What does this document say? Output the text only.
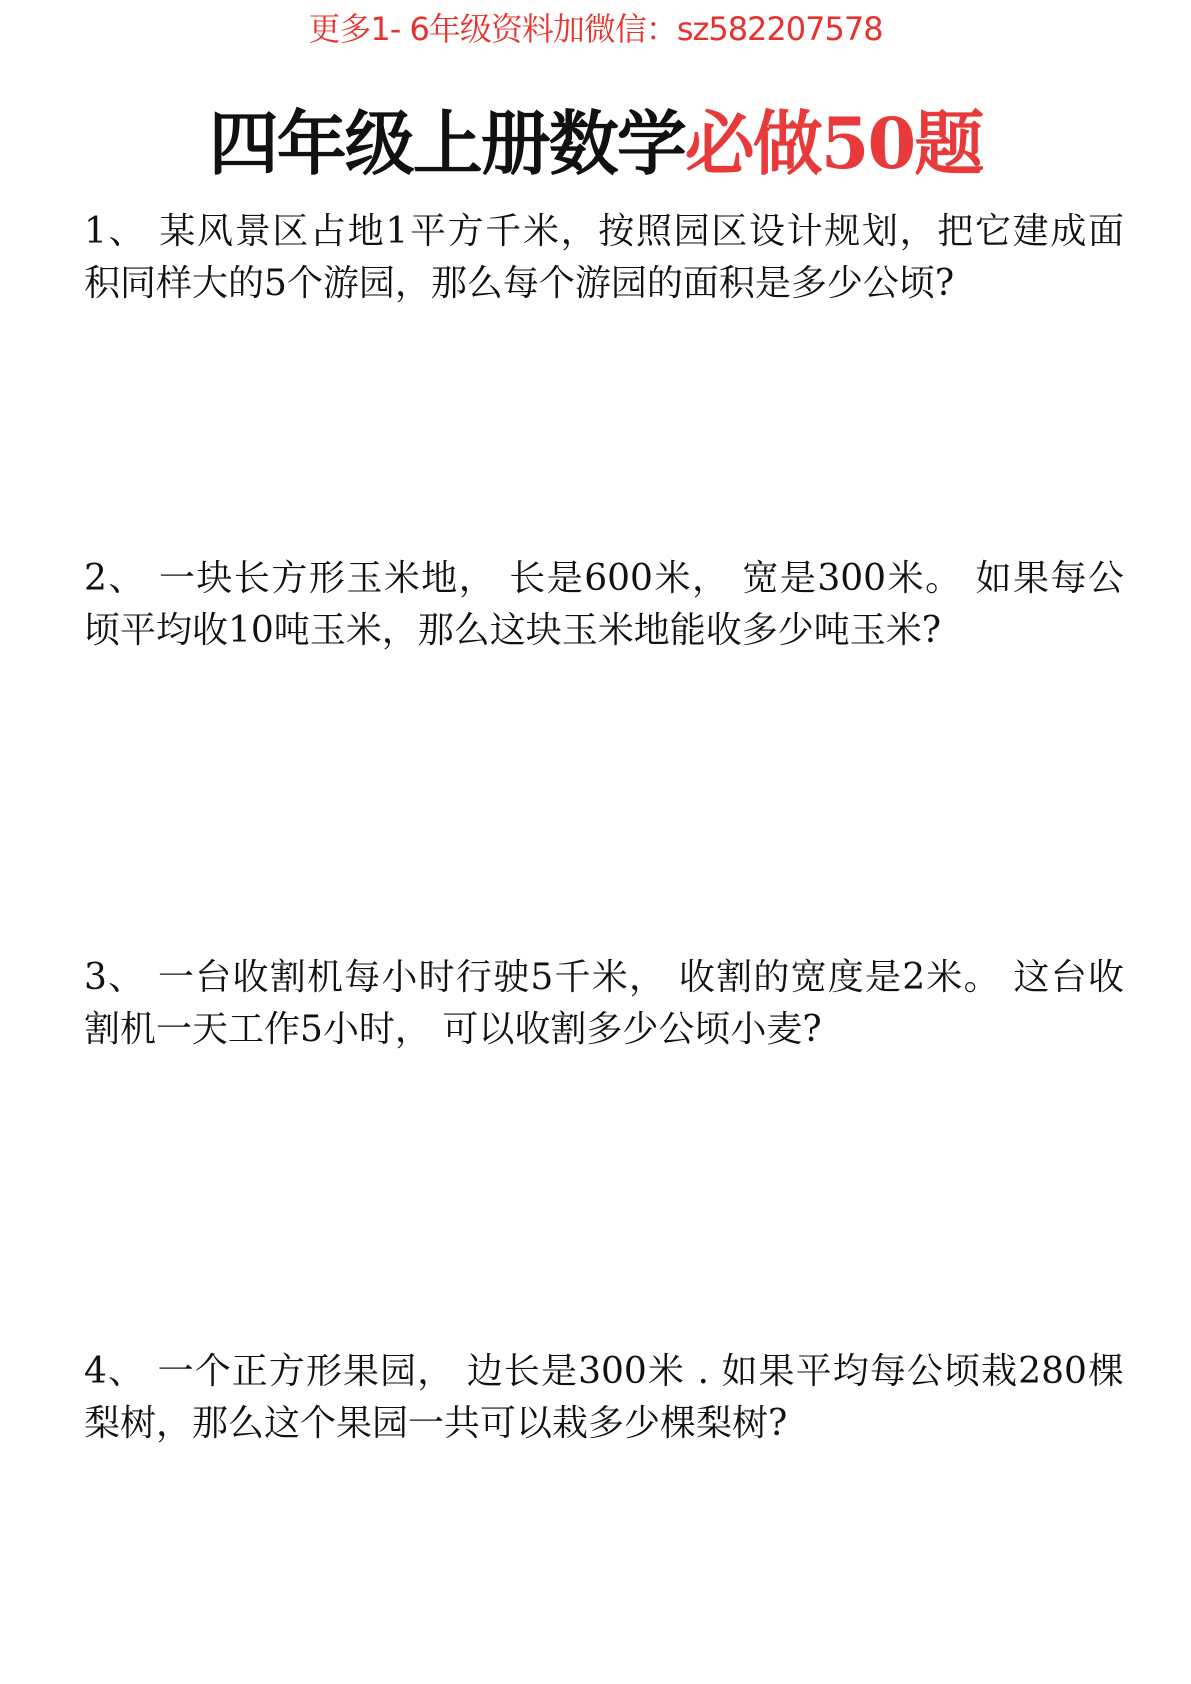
更多1- 6年级资料加微信：sz582207578
四年级上册数学必做50题
1、 某风景区占地1平方千米，按照园区设计规划，把它建成面
积同样大的5个游园，那么每个游园的面积是多少公顷?
2、 一块长方形玉米地， 长是600米， 宽是300米。 如果每公
顷平均收10吨玉米，那么这块玉米地能收多少吨玉米?
3、 一台收割机每小时行驶5千米， 收割的宽度是2米。 这台收
割机一天工作5小时， 可以收割多少公顷小麦?
4、 一个正方形果园， 边长是300米 . 如果平均每公顷栽280棵
梨树，那么这个果园一共可以栽多少棵梨树?
